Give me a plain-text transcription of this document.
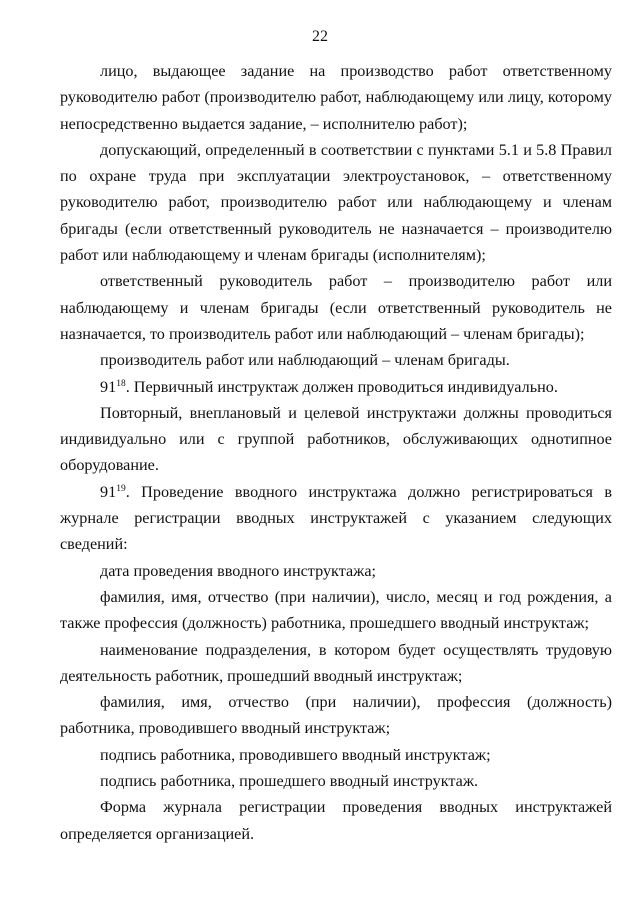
22

лицо, выдающее задание на производство работ ответственному руководителю работ (производителю работ, наблюдающему или лицу, которому непосредственно выдается задание, – исполнителю работ);

допускающий, определенный в соответствии с пунктами 5.1 и 5.8 Правил по охране труда при эксплуатации электроустановок, – ответственному руководителю работ, производителю работ или наблюдающему и членам бригады (если ответственный руководитель не назначается – производителю работ или наблюдающему и членам бригады (исполнителям);

ответственный руководитель работ – производителю работ или наблюдающему и членам бригады (если ответственный руководитель не назначается, то производитель работ или наблюдающий – членам бригады);

производитель работ или наблюдающий – членам бригады.

$91^{18}$. Первичный инструктаж должен проводиться индивидуально.

Повторный, внеплановый и целевой инструктажи должны проводиться индивидуально или с группой работников, обслуживающих однотипное оборудование.

$91^{19}$. Проведение вводного инструктажа должно регистрироваться в журнале регистрации вводных инструктажей с указанием следующих сведений:

дата проведения вводного инструктажа;

фамилия, имя, отчество (при наличии), число, месяц и год рождения, а также профессия (должность) работника, прошедшего вводный инструктаж;

наименование подразделения, в котором будет осуществлять трудовую деятельность работник, прошедший вводный инструктаж;

фамилия, имя, отчество (при наличии), профессия (должность) работника, проводившего вводный инструктаж;

подпись работника, проводившего вводный инструктаж;

подпись работника, прошедшего вводный инструктаж.

Форма журнала регистрации проведения вводных инструктажей определяется организацией.
